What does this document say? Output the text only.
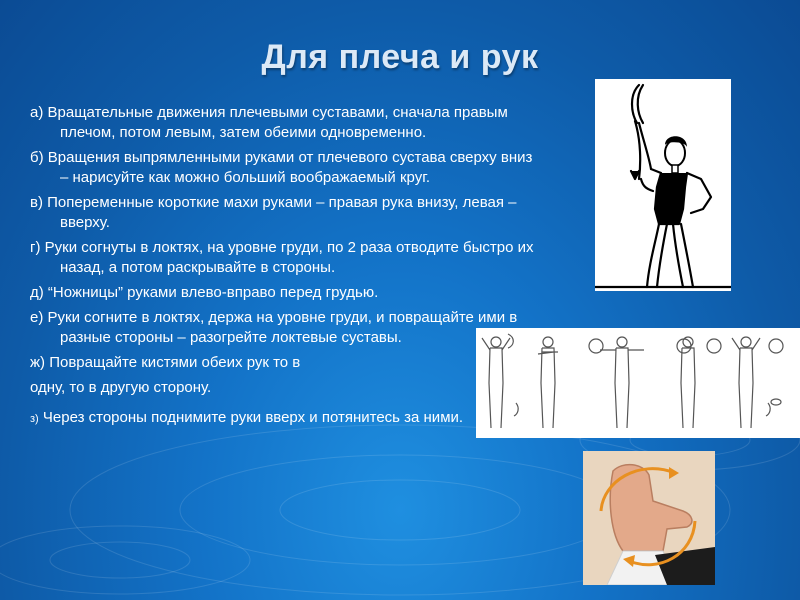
Для плеча и рук

а) Вращательные движения плечевыми суставами, сначала правым плечом, потом левым, затем обеими одновременно.

б) Вращения выпрямленными руками от плечевого сустава сверху вниз – нарисуйте как можно больший воображаемый круг.

в) Попеременные короткие махи руками – правая рука внизу, левая – вверху.

г) Руки согнуты в локтях, на уровне груди, по 2 раза отводите быстро их назад, а потом раскрывайте в стороны.

д) “Ножницы” руками влево-вправо перед грудью.

е) Руки согните в локтях, держа на уровне груди, и повращайте ими в разные стороны – разогрейте локтевые суставы.

ж) Повращайте кистями обеих рук то в

одну, то в другую сторону.

з) Через стороны поднимите руки вверх и потянитесь за ними.
